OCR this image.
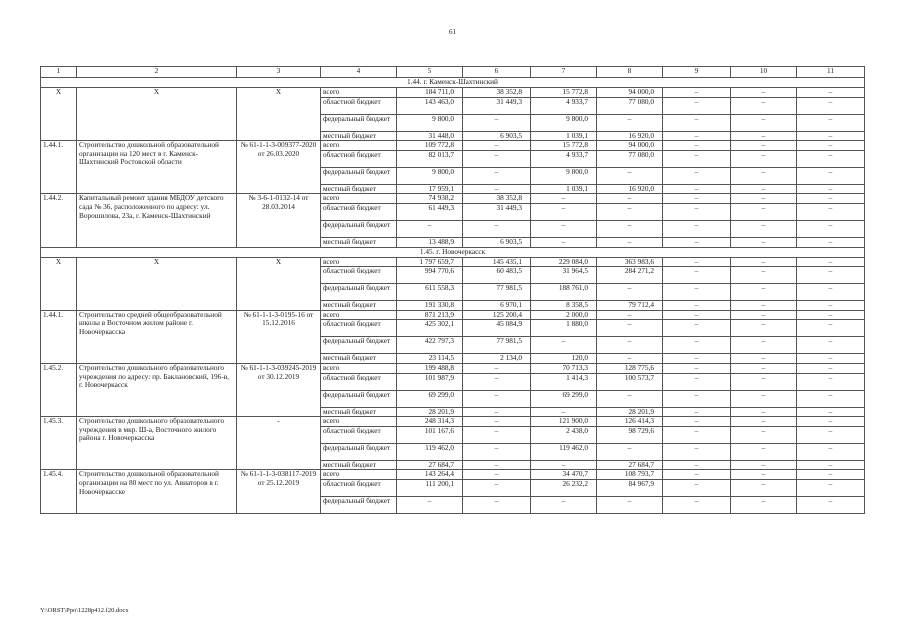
61
1	2	3	4	5	6	7	8	9	10	11
1.44. г. Каменск-Шахтинский										
X	X	X	всего	184 711,0	38 352,8	15 772,8	94 000,0	–	–	–
			областной бюджет	143 463,0	31 449,3	4 933,7	77 080,0	–	–	–
			федеральный бюджет	9 800,0	–	9 800,0	–	–	–	–
			местный бюджет	31 448,0	6 903,5	1 039,1	16 920,0	–	–	–
1.44.1.	Строительство дошкольной образовательной организации на 120 мест в г. Каменск-Шахтинский Ростовской области	№ 61-1-1-3-009377-2020 от 26.03.2020	всего	109 772,8	–	15 772,8	94 000,0	–	–	–
			областной бюджет	82 013,7	–	4 933,7	77 080,0	–	–	–
			федеральный бюджет	9 800,0	–	9 800,0	–	–	–	–
			местный бюджет	17 959,1	–	1 039,1	16 920,0	–	–	–
1.44.2.	Капитальный ремонт здания МБДОУ детского сада № 36, расположенного по адресу: ул. Ворошилова, 23а, г. Каменск-Шахтинский	№ 3-6-1-0132-14 от 28.03.2014	всего	74 938,2	38 352,8	–	–	–	–	–
			областной бюджет	61 449,3	31 449,3	–	–	–	–	–
			федеральный бюджет	–	–	–	–	–	–	–
			местный бюджет	13 488,9	6 903,5	–	–	–	–	–
1.45. г. Новочеркасск										
X	X	X	всего	1 797 659,7	145 435,1	229 084,0	363 983,6	–	–	–
			областной бюджет	994 770,6	60 483,5	31 964,5	284 271,2	–	–	–
			федеральный бюджет	611 558,3	77 981,5	188 761,0	–	–	–	–
			местный бюджет	191 330,8	6 970,1	8 358,5	79 712,4	–	–	–
1.44.1.	Строительство средней общеобразовательной школы в Восточном жилом районе г. Новочеркасска	№ 61-1-1-3-0195-16 от 15.12.2016	всего	871 213,9	125 200,4	2 000,0	–	–	–	–
			областной бюджет	425 302,1	45 084,9	1 880,0	–	–	–	–
			федеральный бюджет	422 797,3	77 981,5	–	–	–	–	–
			местный бюджет	23 114,5	2 134,0	120,0	–	–	–	–
1.45.2.	Строительство дошкольного образовательного учреждения по адресу: пр. Баклановский, 196-в, г. Новочеркасск	№ 61-1-1-3-039245-2019 от 30.12.2019	всего	199 488,8	–	70 713,3	128 775,6	–	–	–
			областной бюджет	101 987,9	–	1 414,3	100 573,7	–	–	–
			федеральный бюджет	69 299,0	–	69 299,0	–	–	–	–
			местный бюджет	28 201,9	–	–	28 201,9	–	–	–
1.45.3.	Строительство дошкольного образовательного учреждения в мкр. Ш-а, Восточного жилого района г. Новочеркасска	-	всего	248 314,3	–	121 900,0	126 414,3	–	–	–
			областной бюджет	101 167,6	–	2 438,0	98 729,6	–	–	–
			федеральный бюджет	119 462,0	–	119 462,0	–	–	–	–
			местный бюджет	27 684,7	–	–	27 684,7	–	–	–
1.45.4.	Строительство дошкольной образовательной организации на 80 мест по ул. Авиаторов в г. Новочеркасске	№ 61-1-1-3-038117-2019 от 25.12.2019	всего	143 264,4	–	34 470,7	108 793,7	–	–	–
			областной бюджет	111 200,1	–	26 232,2	84 967,9	–	–	–
			федеральный бюджет	–	–	–	–	–	–	–
Y:\ORST\Ppo\1228p412.f20.docx
